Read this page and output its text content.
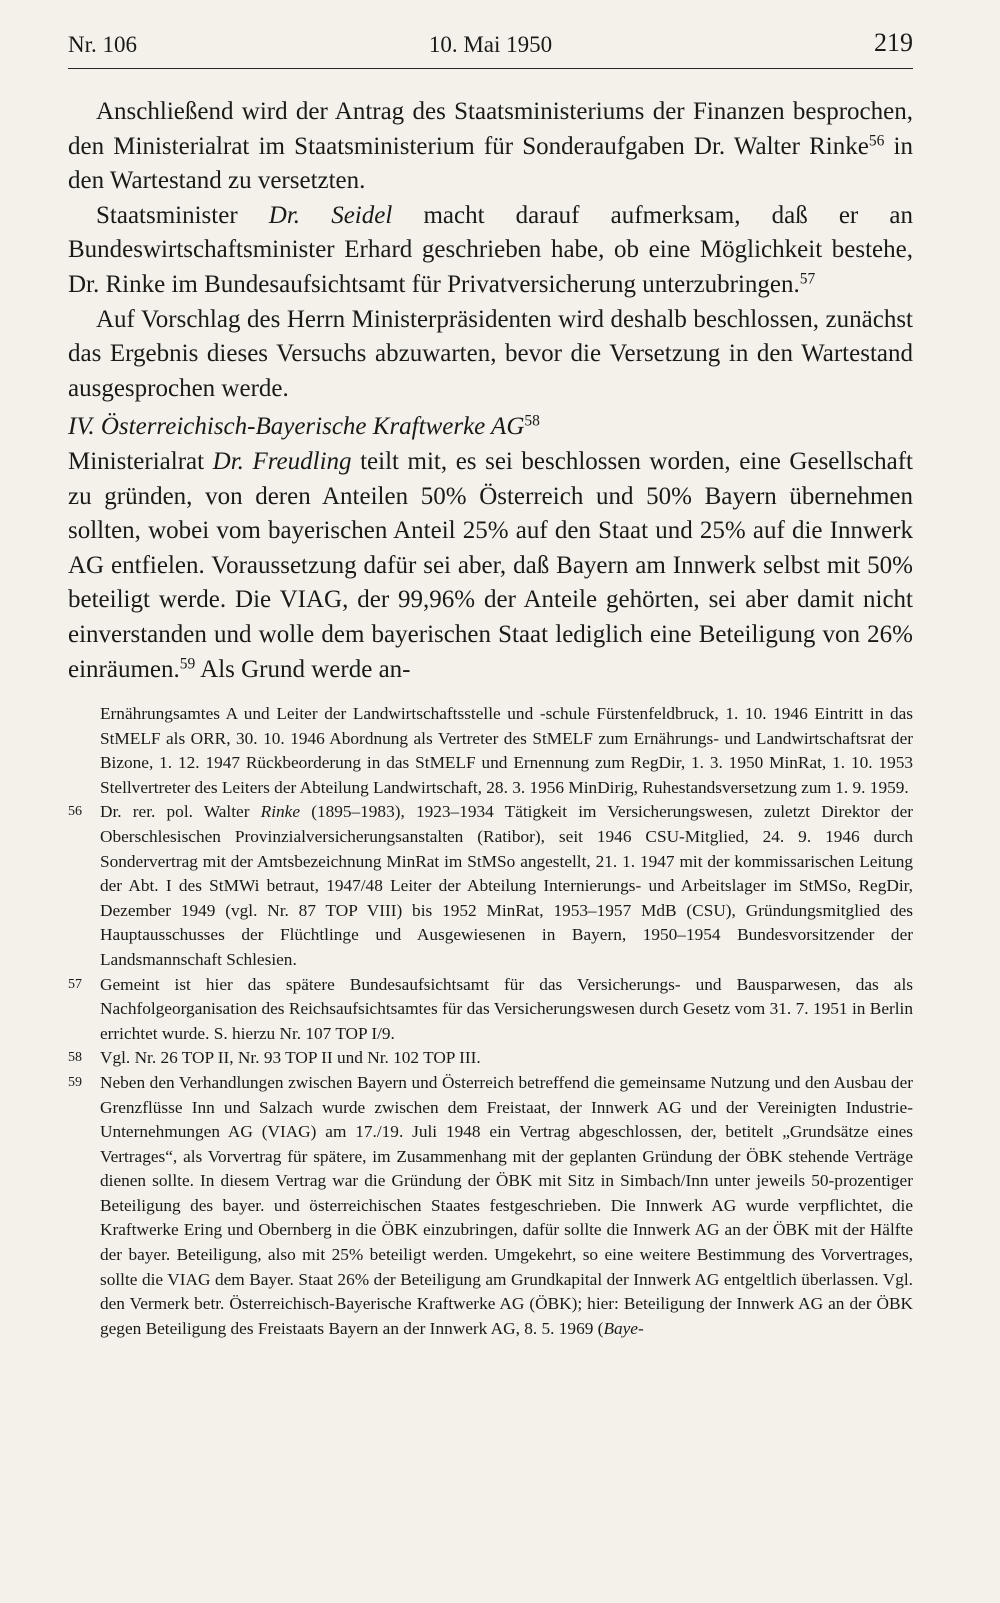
Nr. 106	10. Mai 1950	219

Anschließend wird der Antrag des Staatsministeriums der Finanzen besprochen, den Ministerialrat im Staatsministerium für Sonderaufgaben Dr. Walter Rinke$^{56}$ in den Wartestand zu versetzten.

Staatsminister Dr. Seidel macht darauf aufmerksam, daß er an Bundeswirtschaftsminister Erhard geschrieben habe, ob eine Möglichkeit bestehe, Dr. Rinke im Bundesaufsichtsamt für Privatversicherung unterzubringen.$^{57}$

Auf Vorschlag des Herrn Ministerpräsidenten wird deshalb beschlossen, zunächst das Ergebnis dieses Versuchs abzuwarten, bevor die Versetzung in den Wartestand ausgesprochen werde.

IV. Österreichisch-Bayerische Kraftwerke AG$^{58}$

Ministerialrat Dr. Freudling teilt mit, es sei beschlossen worden, eine Gesellschaft zu gründen, von deren Anteilen 50% Österreich und 50% Bayern übernehmen sollten, wobei vom bayerischen Anteil 25% auf den Staat und 25% auf die Innwerk AG entfielen. Voraussetzung dafür sei aber, daß Bayern am Innwerk selbst mit 50% beteiligt werde. Die VIAG, der 99,96% der Anteile gehörten, sei aber damit nicht einverstanden und wolle dem bayerischen Staat lediglich eine Beteiligung von 26% einräumen.$^{59}$ Als Grund werde an-

Ernährungsamtes A und Leiter der Landwirtschaftsstelle und -schule Fürstenfeldbruck, 1. 10. 1946 Eintritt in das StMELF als ORR, 30. 10. 1946 Abordnung als Vertreter des StMELF zum Ernährungs- und Landwirtschaftsrat der Bizone, 1. 12. 1947 Rückbeorderung in das StMELF und Ernennung zum RegDir, 1. 3. 1950 MinRat, 1. 10. 1953 Stellvertreter des Leiters der Abteilung Landwirtschaft, 28. 3. 1956 MinDirig, Ruhestandsversetzung zum 1. 9. 1959.

56 Dr. rer. pol. Walter Rinke (1895–1983), 1923–1934 Tätigkeit im Versicherungswesen, zuletzt Direktor der Oberschlesischen Provinzialversicherungsanstalten (Ratibor), seit 1946 CSU-Mitglied, 24. 9. 1946 durch Sondervertrag mit der Amtsbezeichnung MinRat im StMSo angestellt, 21. 1. 1947 mit der kommissarischen Leitung der Abt. I des StMWi betraut, 1947/48 Leiter der Abteilung Internierungs- und Arbeitslager im StMSo, RegDir, Dezember 1949 (vgl. Nr. 87 TOP VIII) bis 1952 MinRat, 1953–1957 MdB (CSU), Gründungsmitglied des Hauptausschusses der Flüchtlinge und Ausgewiesenen in Bayern, 1950–1954 Bundesvorsitzender der Landsmannschaft Schlesien.

57 Gemeint ist hier das spätere Bundesaufsichtsamt für das Versicherungs- und Bausparwesen, das als Nachfolgeorganisation des Reichsaufsichtsamtes für das Versicherungswesen durch Gesetz vom 31. 7. 1951 in Berlin errichtet wurde. S. hierzu Nr. 107 TOP I/9.

58 Vgl. Nr. 26 TOP II, Nr. 93 TOP II und Nr. 102 TOP III.

59 Neben den Verhandlungen zwischen Bayern und Österreich betreffend die gemeinsame Nutzung und den Ausbau der Grenzflüsse Inn und Salzach wurde zwischen dem Freistaat, der Innwerk AG und der Vereinigten Industrie-Unternehmungen AG (VIAG) am 17./19. Juli 1948 ein Vertrag abgeschlossen, der, betitelt „Grundsätze eines Vertrages“, als Vorvertrag für spätere, im Zusammenhang mit der geplanten Gründung der ÖBK stehende Verträge dienen sollte. In diesem Vertrag war die Gründung der ÖBK mit Sitz in Simbach/Inn unter jeweils 50-prozentiger Beteiligung des bayer. und österreichischen Staates festgeschrieben. Die Innwerk AG wurde verpflichtet, die Kraftwerke Ering und Obernberg in die ÖBK einzubringen, dafür sollte die Innwerk AG an der ÖBK mit der Hälfte der bayer. Beteiligung, also mit 25% beteiligt werden. Umgekehrt, so eine weitere Bestimmung des Vorvertrages, sollte die VIAG dem Bayer. Staat 26% der Beteiligung am Grundkapital der Innwerk AG entgeltlich überlassen. Vgl. den Vermerk betr. Österreichisch-Bayerische Kraftwerke AG (ÖBK); hier: Beteiligung der Innwerk AG an der ÖBK gegen Beteiligung des Freistaats Bayern an der Innwerk AG, 8. 5. 1969 (Baye-
